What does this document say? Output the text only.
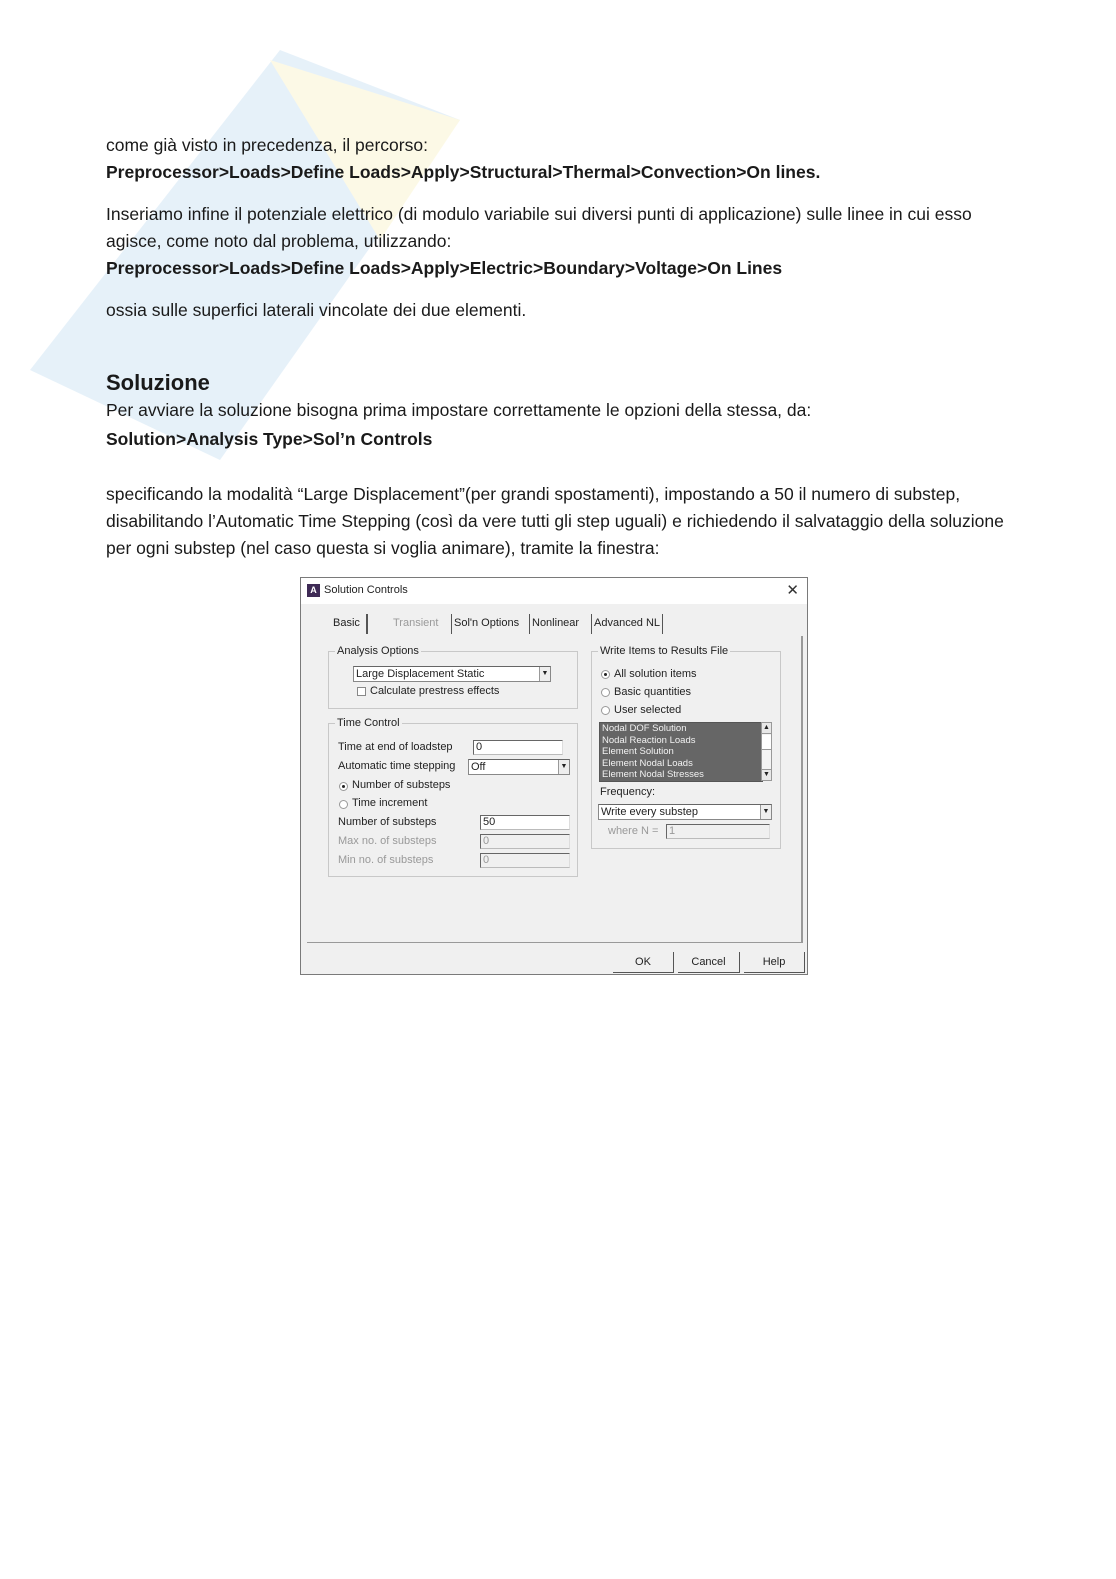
come già visto in precedenza, il percorso:

Preprocessor>Loads>Define Loads>Apply>Structural>Thermal>Convection>On lines.

Inseriamo infine il potenziale elettrico (di modulo variabile sui diversi punti di applicazione) sulle linee in cui esso agisce, come noto dal problema, utilizzando:

Preprocessor>Loads>Define Loads>Apply>Electric>Boundary>Voltage>On Lines

ossia sulle superfici laterali vincolate dei due elementi.

Soluzione

Per avviare la soluzione bisogna prima impostare correttamente le opzioni della stessa, da:

Solution>Analysis Type>Sol’n Controls

specificando la modalità “Large Displacement”(per grandi spostamenti), impostando a 50 il numero di substep, disabilitando l’Automatic Time Stepping (così da vere tutti gli step uguali) e richiedendo il salvataggio della soluzione per ogni substep (nel caso questa si voglia animare), tramite la finestra:

A Solution Controls	✕
Basic	Transient Sol'n Options Nonlinear Advanced NL
Analysis Options
Large Displacement Static	▼
Calculate prestress effects
Time Control
Time at end of loadstep 0
Automatic time stepping Off	▼
Number of substeps
Time increment
Number of substeps	50
Max no. of substeps	0
Min no. of substeps	0
Write Items to Results File
All solution items
Basic quantities
User selected
Nodal DOF Solution
Nodal Reaction Loads
Element Solution
Element Nodal Loads
Element Nodal Stresses
▲
▼
Frequency:
Write every substep	▼
where N = 1
OK	Cancel	Help
